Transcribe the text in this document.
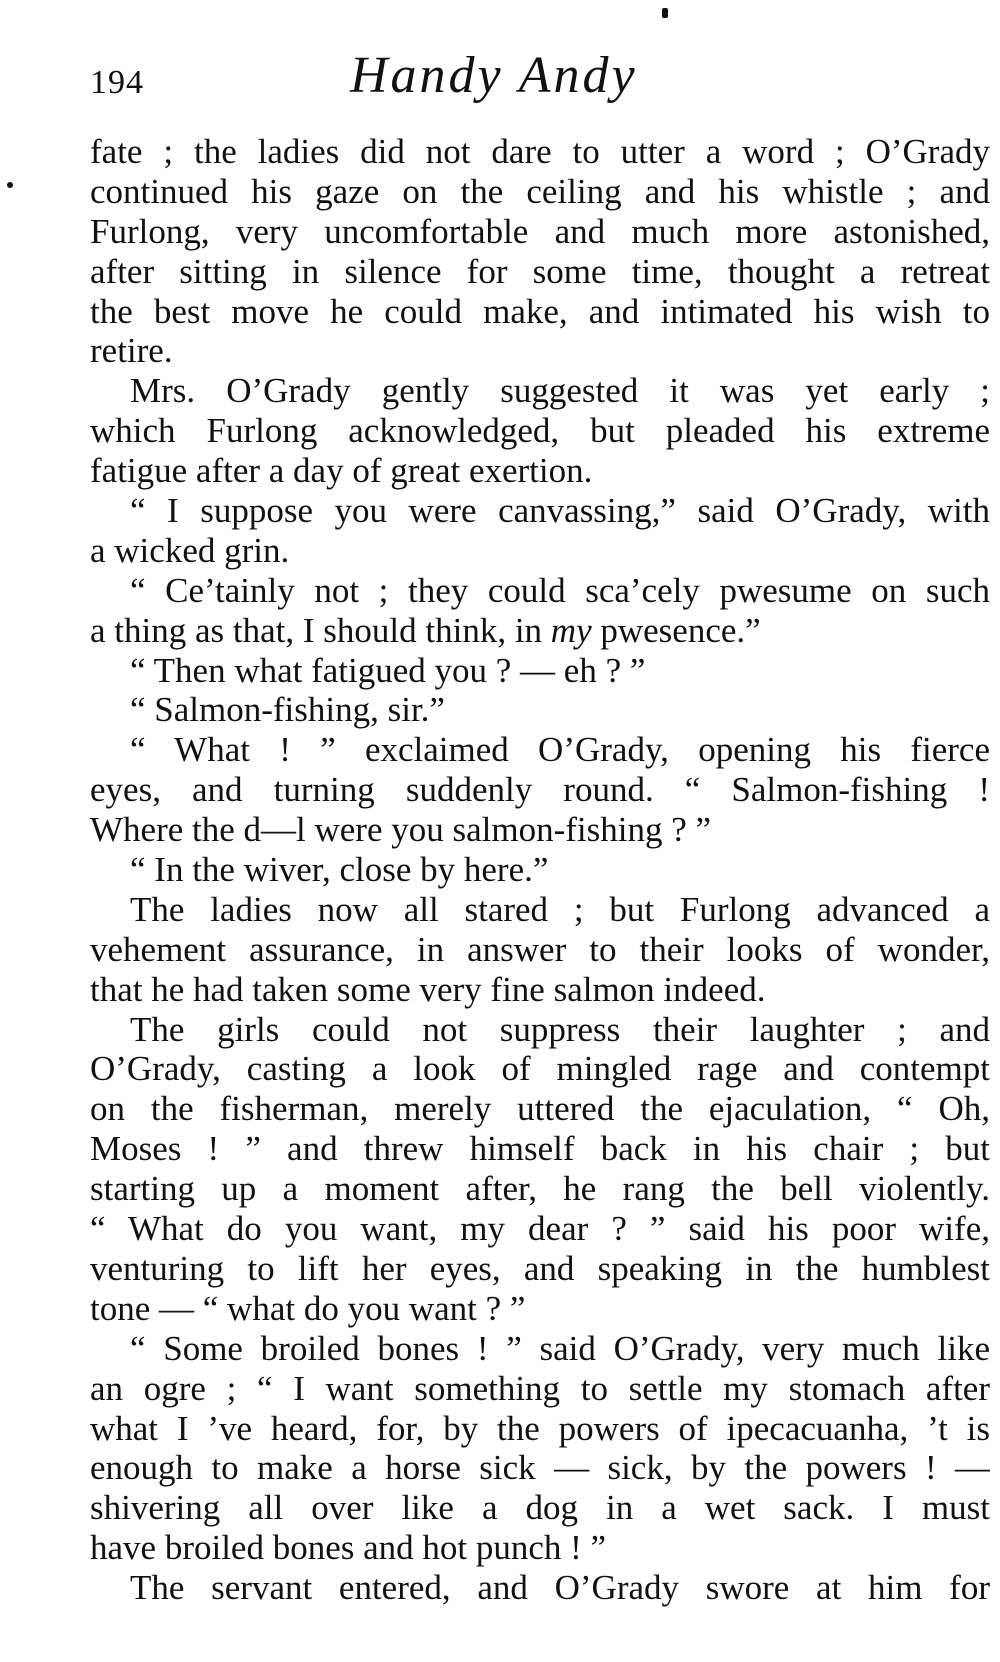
194	Handy Andy
fate ; the ladies did not dare to utter a word ; O’Grady
continued his gaze on the ceiling and his whistle ; and
Furlong, very uncomfortable and much more astonished,
after sitting in silence for some time, thought a retreat
the best move he could make, and intimated his wish to
retire.
Mrs. O’Grady gently suggested it was yet early ;
which Furlong acknowledged, but pleaded his extreme
fatigue after a day of great exertion.
“ I suppose you were canvassing,” said O’Grady, with
a wicked grin.
“ Ce’tainly not ; they could sca’cely pwesume on such
a thing as that, I should think, in my pwesence.”
“ Then what fatigued you ? — eh ? ”
“ Salmon-fishing, sir.”
“ What ! ” exclaimed O’Grady, opening his fierce
eyes, and turning suddenly round. “ Salmon-fishing !
Where the d—l were you salmon-fishing ? ”
“ In the wiver, close by here.”
The ladies now all stared ; but Furlong advanced a
vehement assurance, in answer to their looks of wonder,
that he had taken some very fine salmon indeed.
The girls could not suppress their laughter ; and
O’Grady, casting a look of mingled rage and contempt
on the fisherman, merely uttered the ejaculation, “ Oh,
Moses ! ” and threw himself back in his chair ; but
starting up a moment after, he rang the bell violently.
“ What do you want, my dear ? ” said his poor wife,
venturing to lift her eyes, and speaking in the humblest
tone — “ what do you want ? ”
“ Some broiled bones ! ” said O’Grady, very much like
an ogre ; “ I want something to settle my stomach after
what I ’ve heard, for, by the powers of ipecacuanha, ’t is
enough to make a horse sick — sick, by the powers ! —
shivering all over like a dog in a wet sack. I must
have broiled bones and hot punch ! ”
The servant entered, and O’Grady swore at him for
